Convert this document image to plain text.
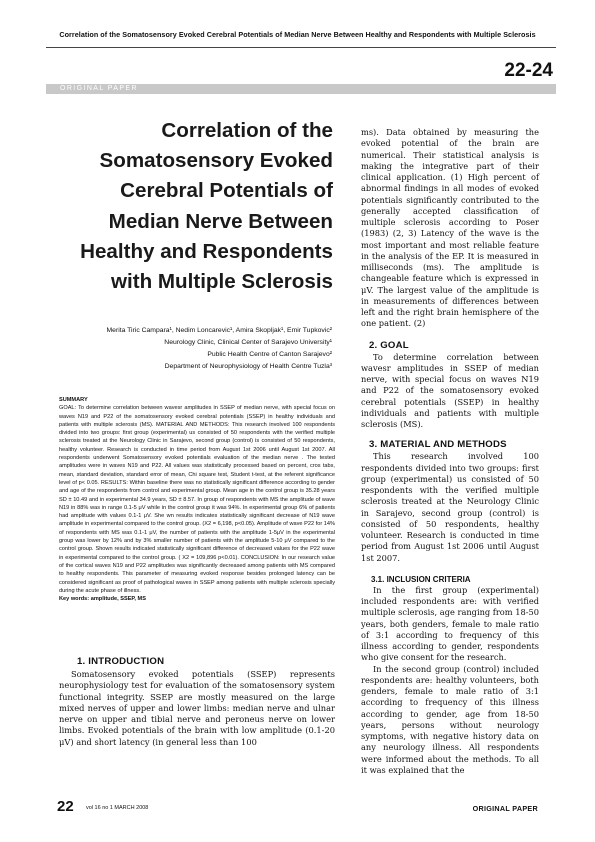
Correlation of the Somatosensory Evoked Cerebral Potentials of Median Nerve Between Healthy and Respondents with Multiple Sclerosis
22-24
ORIGINAL PAPER
Correlation of the
Somatosensory Evoked
Cerebral Potentials of
Median Nerve Between
Healthy and Respondents
with Multiple Sclerosis
Merita Tiric Campara¹, Nedim Loncarevic¹, Amira Skopljak¹, Emir Tupkovic²
Neurology Clinic, Clinical Center of Sarajevo University¹
Public Health Centre of Canton Sarajevo²
Department of Neurophysiology of Health Centre Tuzla³
SUMMARY

GOAL: To determine correlation between wavesr amplitudes in SSEP of median nerve, with special focus on waves N19 and P22 of the somatosensory evoked cerebral potentials (SSEP) in healthy individuals and patients with multiple sclerosis (MS). MATERIAL AND METHODS: This research involved 100 respondents divided into two groups: first group (experimental) us consisted of 50 respondents with the verified multiple sclerosis treated at the Neurology Clinic in Sarajevo, second group (control) is consisted of 50 respondents, healthy volunteer. Research is conducted in time period from August 1st 2006 until August 1st 2007. All respondents underwent Somatosensory evoked potentials evaluation of the median nerve . The tested amplitudes were in waves N19 and P22. All values was statistically processed based on percent, cros tabs, mean, standard deviation, standard error of mean, Chi square test, Student t-test, at the referent significance level of p< 0.05. RESULTS: Within baseline there was no statistically significant difference according to gender and age of the respondents from control and experimental group. Mean age in the control group is 35.28 years SD ± 10.49 and in experimental 34.9 years, SD ± 8.57. In group of respondents with MS the amplitude of wave N19 in 88% was in range 0.1-5 μV while in the control group it was 94%. In experimental group 6% of patients had amplitude with values 0.1-1 μV. She wn results indicates statistically significant decrease of N19 wave amplitude in experimental compared to the control group. (X2 = 6,198, p<0.05). Amplitude of wave P22 for 14% of respondents with MS was 0.1-1 μV, the number of patients with the amplitude 1-5μV in the experimental group was lower by 12% and by 3% smaller number of patients with the amplitude 5-10 μV compared to the control group. Shown results indicated statistically significant difference of decreased values for the P22 wave in experimental compared to the control group. ( X2 = 109,896 p<0.01). CONCLUSION: In our research value of the cortical waves N19 and P22 amplitudes was significantly decreased among patients with MS compared to healthy respondents. This parameter of measuring evoked response besides prolonged latency can be considered significant as proof of pathological waves in SSEP among patients with multiple sclerosis specially during the acute phase of illness.

Key words: amplitude, SSEP, MS
1. INTRODUCTION

Somatosensory evoked potentials (SSEP) represents neurophysiology test for evaluation of the somatosensory system functional integrity. SSEP are mostly measured on the large mixed nerves of upper and lower limbs: median nerve and ulnar nerve on upper and tibial nerve and peroneus nerve on lower limbs. Evoked potentials of the brain with low amplitude (0.1-20 μV) and short latency (in general less than 100

ms). Data obtained by measuring the evoked potential of the brain are numerical. Their statistical analysis is making the integrative part of their clinical application. (1) High percent of abnormal findings in all modes of evoked potentials significantly contributed to the generally accepted classification of multiple sclerosis according to Poser (1983) (2, 3) Latency of the wave is the most important and most reliable feature in the analysis of the EP. It is measured in milliseconds (ms). The amplitude is changeable feature which is expressed in μV. The largest value of the amplitude is in measurements of differences between left and the right brain hemisphere of the one patient. (2)

2. GOAL

To determine correlation between wavesr amplitudes in SSEP of median nerve, with special focus on waves N19 and P22 of the somatosensory evoked cerebral potentials (SSEP) in healthy individuals and patients with multiple sclerosis (MS).

3. MATERIAL AND METHODS

This research involved 100 respondents divided into two groups: first group (experimental) us consisted of 50 respondents with the verified multiple sclerosis treated at the Neurology Clinic in Sarajevo, second group (control) is consisted of 50 respondents, healthy volunteer. Research is conducted in time period from August 1st 2006 until August 1st 2007.

3.1. INCLUSION CRITERIA

In the first group (experimental) included respondents are: with verified multiple sclerosis, age ranging from 18-50 years, both genders, female to male ratio of 3:1 according to frequency of this illness according to gender, respondents who give consent for the research.

In the second group (control) included respondents are: healthy volunteers, both genders, female to male ratio of 3:1 according to frequency of this illness according to gender, age from 18-50 years, persons without neurology symptoms, with negative history data on any neurology illness. All respondents were informed about the methods. To all it was explained that the

22 vol 16 no 1 MARCH 2008	ORIGINAL PAPER
